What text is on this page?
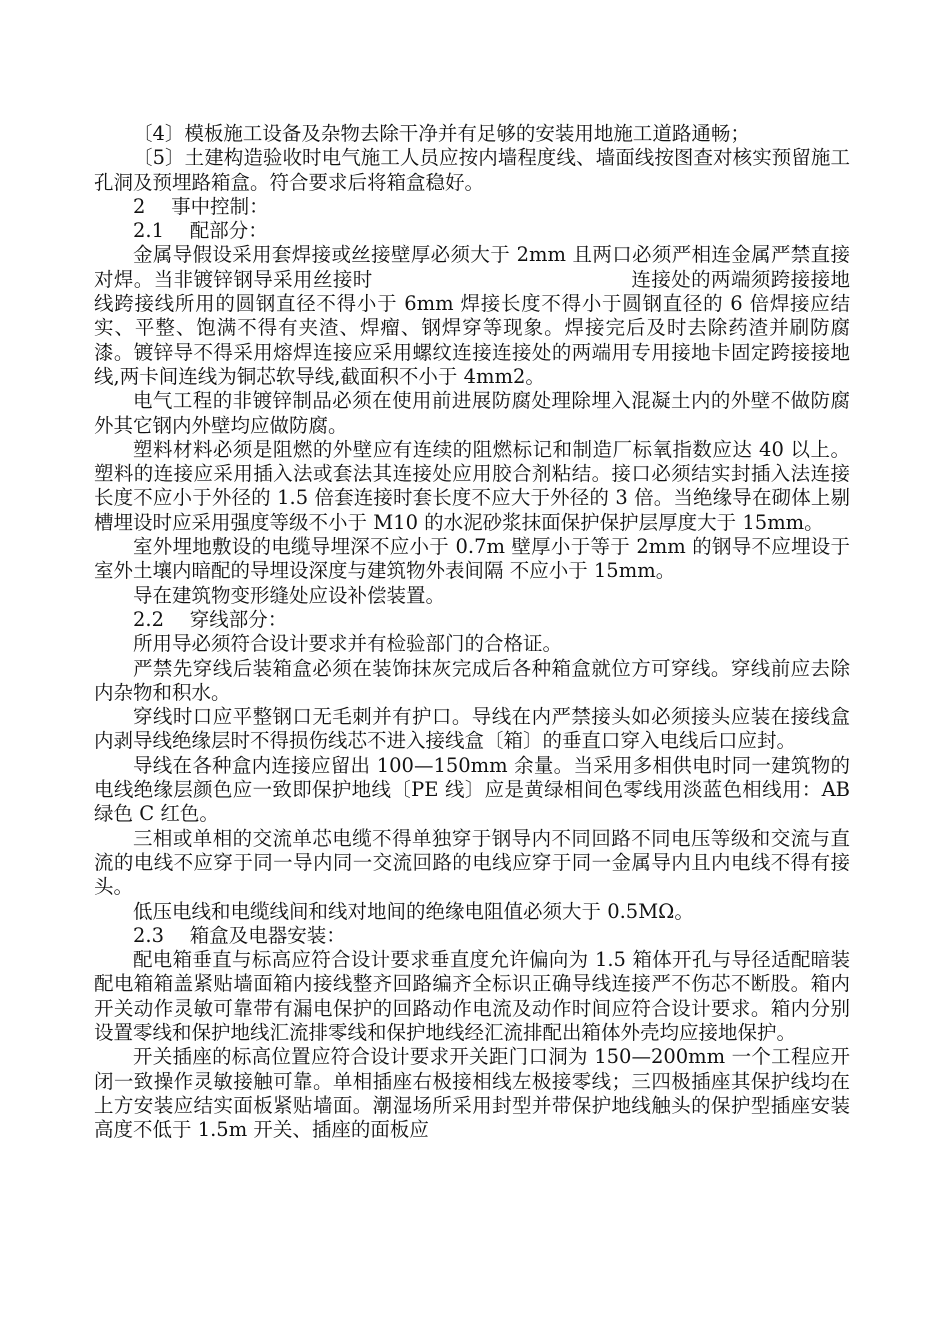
〔4〕模板施工设备及杂物去除干净并有足够的安装用地施工道路通畅；

〔5〕土建构造验收时电气施工人员应按内墙程度线、墙面线按图查对核实预留施工孔洞及预埋路箱盒。符合要求后将箱盒稳好。

2　 事中控制：

2.1　 配部分：

金属导假设采用套焊接或丝接壁厚必须大于 2mm 且两口必须严相连金属严禁直接对焊。当非镀锌钢导采用丝接时　　　　　　　　　　　　　连接处的两端须跨接接地线跨接线所用的圆钢直径不得小于 6mm 焊接长度不得小于圆钢直径的 6 倍焊接应结实、平整、饱满不得有夹渣、焊瘤、钢焊穿等现象。焊接完后及时去除药渣并刷防腐漆。镀锌导不得采用熔焊连接应采用螺纹连接连接处的两端用专用接地卡固定跨接接地线,两卡间连线为铜芯软导线,截面积不小于 4mm2。

电气工程的非镀锌制品必须在使用前进展防腐处理除埋入混凝土内的外壁不做防腐外其它钢内外壁均应做防腐。

塑料材料必须是阻燃的外壁应有连续的阻燃标记和制造厂标氧指数应达 40 以上。塑料的连接应采用插入法或套法其连接处应用胶合剂粘结。接口必须结实封插入法连接长度不应小于外径的 1.5 倍套连接时套长度不应大于外径的 3 倍。当绝缘导在砌体上剔槽埋设时应采用强度等级不小于 M10 的水泥砂浆抹面保护保护层厚度大于 15mm。

室外埋地敷设的电缆导埋深不应小于 0.7m 壁厚小于等于 2mm 的钢导不应埋设于室外土壤内暗配的导埋设深度与建筑物外表间隔 不应小于 15mm。

导在建筑物变形缝处应设补偿装置。

2.2　 穿线部分：

所用导必须符合设计要求并有检验部门的合格证。

严禁先穿线后装箱盒必须在装饰抹灰完成后各种箱盒就位方可穿线。穿线前应去除内杂物和积水。

穿线时口应平整钢口无毛刺并有护口。导线在内严禁接头如必须接头应装在接线盒内剥导线绝缘层时不得损伤线芯不进入接线盒〔箱〕的垂直口穿入电线后口应封。

导线在各种盒内连接应留出 100—150mm 余量。当采用多相供电时同一建筑物的电线绝缘层颜色应一致即保护地线〔PE 线〕应是黄绿相间色零线用淡蓝色相线用：AB 绿色 C 红色。

三相或单相的交流单芯电缆不得单独穿于钢导内不同回路不同电压等级和交流与直流的电线不应穿于同一导内同一交流回路的电线应穿于同一金属导内且内电线不得有接头。

低压电线和电缆线间和线对地间的绝缘电阻值必须大于 0.5MΩ。

2.3　 箱盒及电器安装：

配电箱垂直与标高应符合设计要求垂直度允许偏向为 1.5 箱体开孔与导径适配暗装配电箱箱盖紧贴墙面箱内接线整齐回路编齐全标识正确导线连接严不伤芯不断股。箱内开关动作灵敏可靠带有漏电保护的回路动作电流及动作时间应符合设计要求。箱内分别设置零线和保护地线汇流排零线和保护地线经汇流排配出箱体外壳均应接地保护。

开关插座的标高位置应符合设计要求开关距门口洞为 150—200mm 一个工程应开闭一致操作灵敏接触可靠。单相插座右极接相线左极接零线；三四极插座其保护线均在上方安装应结实面板紧贴墙面。潮湿场所采用封型并带保护地线触头的保护型插座安装高度不低于 1.5m 开关、插座的面板应
